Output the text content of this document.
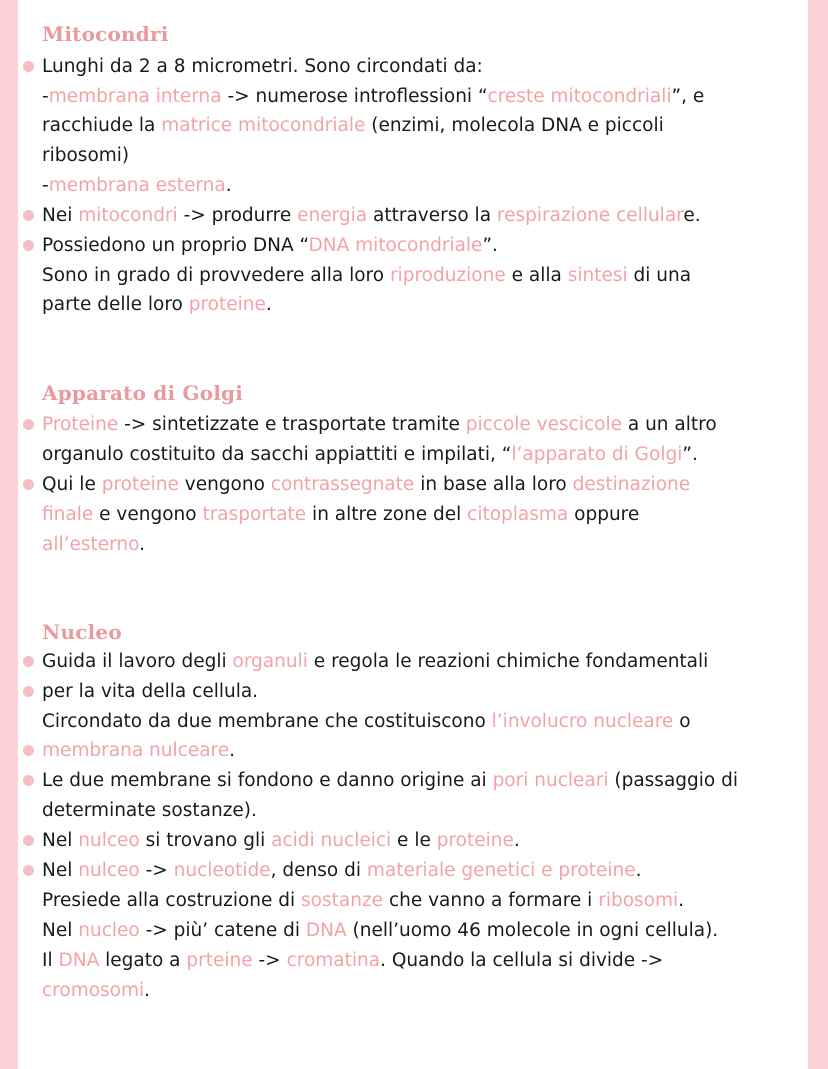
Mitocondri
Lunghi da 2 a 8 micrometri. Sono circondati da:
-membrana interna -> numerose introflessioni “creste mitocondriali”, e
racchiude la matrice mitocondriale (enzimi, molecola DNA e piccoli
ribosomi)
-membrana esterna.
Nei mitocondri -> produrre energia attraverso la respirazione cellulare.
Possiedono un proprio DNA “DNA mitocondriale”.
Sono in grado di provvedere alla loro riproduzione e alla sintesi di una
parte delle loro proteine.
Apparato di Golgi
Proteine -> sintetizzate e trasportate tramite piccole vescicole a un altro
organulo costituito da sacchi appiattiti e impilati, “l’apparato di Golgi”.
Qui le proteine vengono contrassegnate in base alla loro destinazione
finale e vengono trasportate in altre zone del citoplasma oppure
all’esterno.
Nucleo
Guida il lavoro degli organuli e regola le reazioni chimiche fondamentali
per la vita della cellula.
Circondato da due membrane che costituiscono l’involucro nucleare o
membrana nulceare.
Le due membrane si fondono e danno origine ai pori nucleari (passaggio di
determinate sostanze).
Nel nulceo si trovano gli acidi nucleici e le proteine.
Nel nulceo -> nucleotide, denso di materiale genetici e proteine.
Presiede alla costruzione di sostanze che vanno a formare i ribosomi.
Nel nucleo -> più’ catene di DNA (nell’uomo 46 molecole in ogni cellula).
Il DNA legato a prteine -> cromatina. Quando la cellula si divide ->
cromosomi.
